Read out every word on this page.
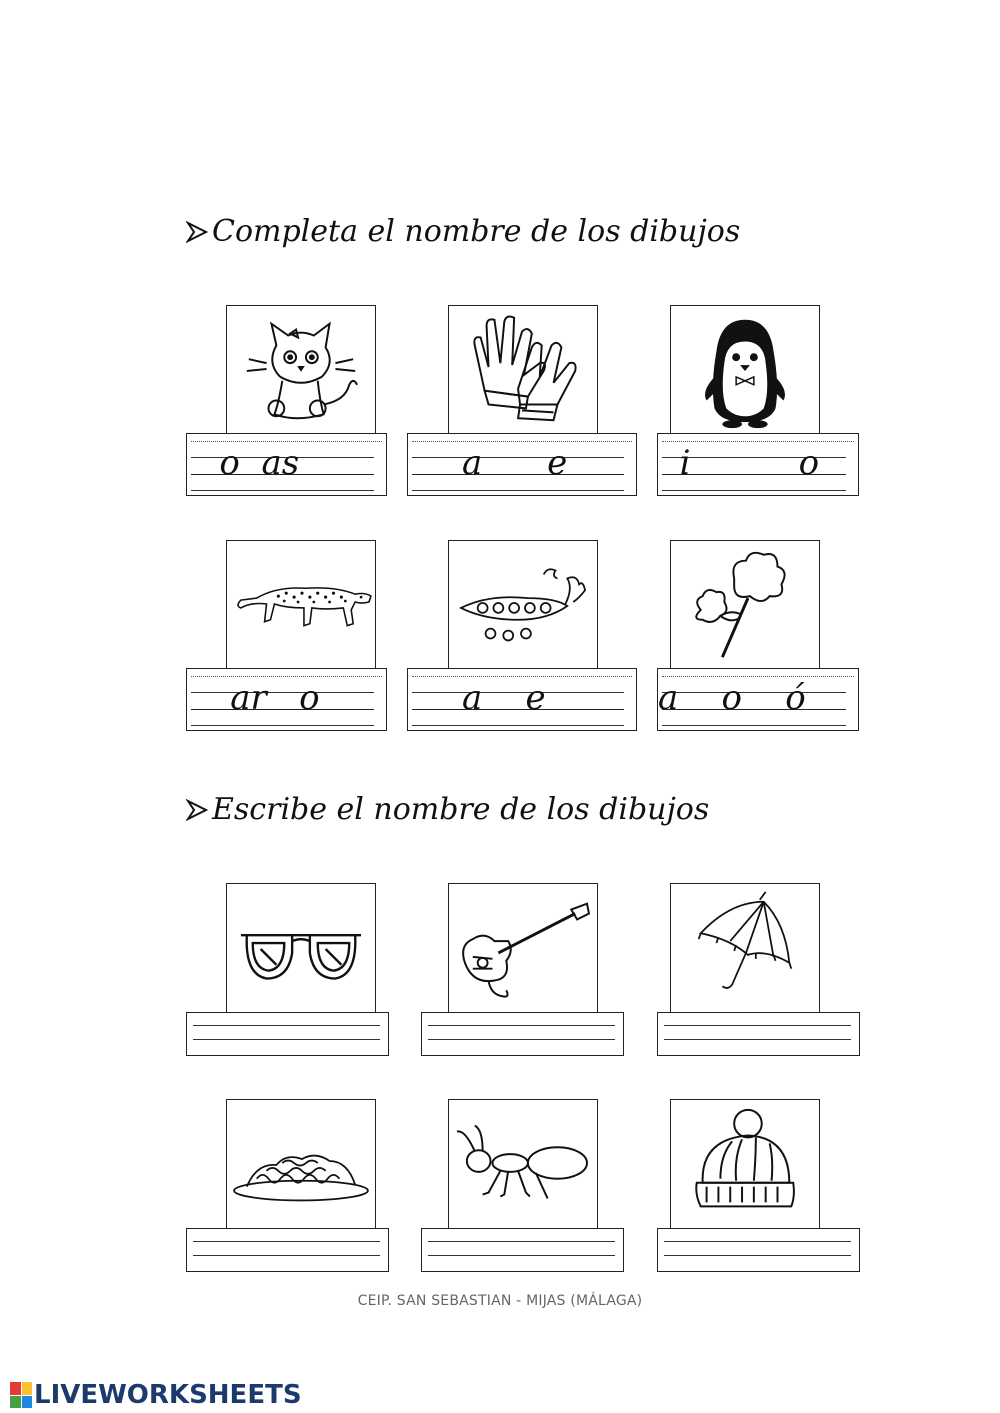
Completa el nombre de los dibujos
o  as	a      e	i          o
ar   o	a    e	a    o    ó
Escribe el nombre de los dibujos
CEIP. SAN SEBASTIAN - MIJAS (MÁLAGA)
LIVEWORKSHEETS
